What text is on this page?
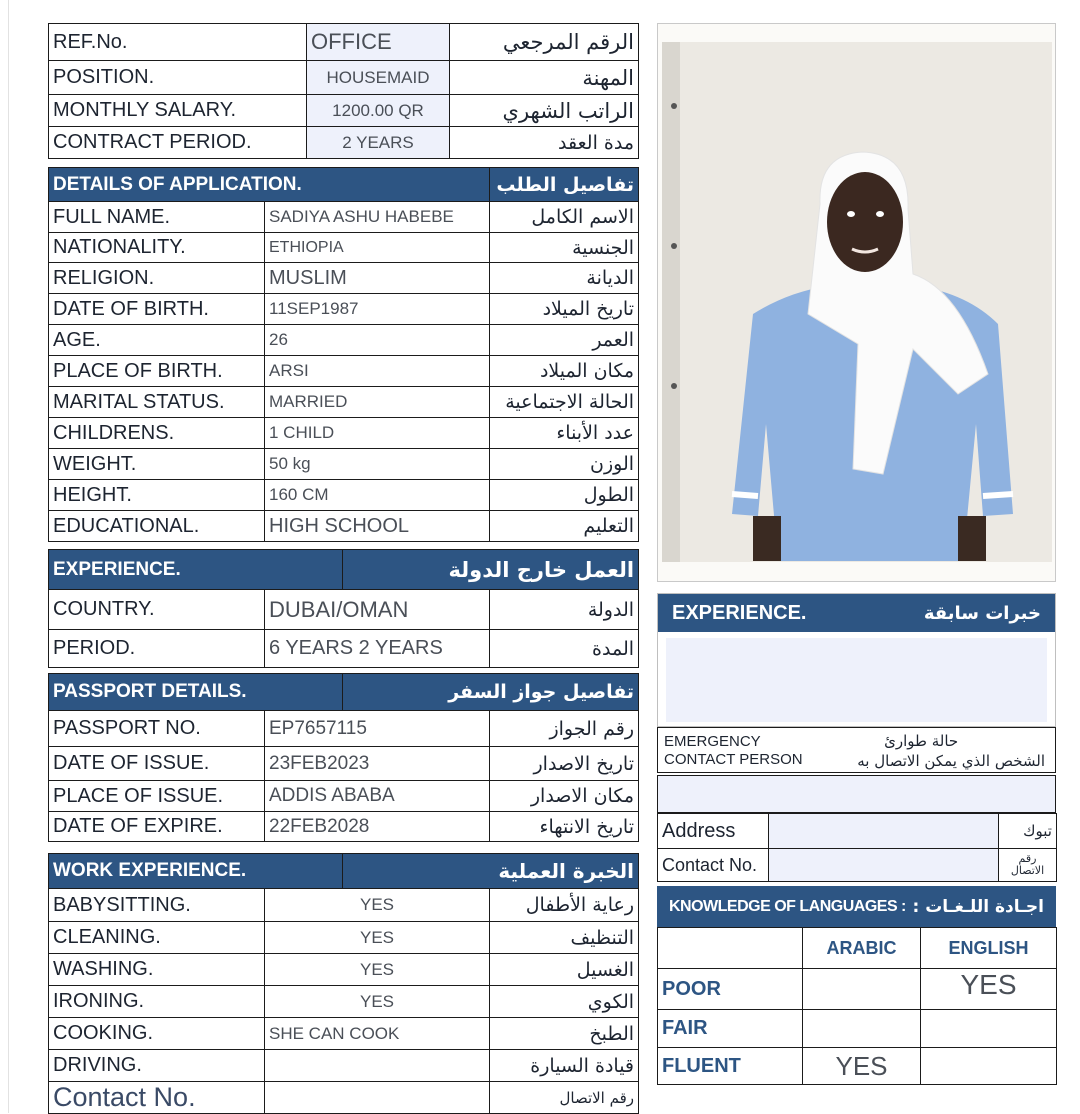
REF.No.	OFFICE	الرقم المرجعي
POSITION.	HOUSEMAID	المهنة
MONTHLY SALARY.	1200.00 QR	الراتب الشهري
CONTRACT PERIOD.	2 YEARS	مدة العقد
DETAILS OF APPLICATION.		تفاصيل الطلب
FULL NAME.	SADIYA ASHU HABEBE	الاسم الكامل
NATIONALITY.	ETHIOPIA	الجنسية
RELIGION.	MUSLIM	الديانة
DATE OF BIRTH.	11SEP1987	تاريخ الميلاد
AGE.	26	العمر
PLACE OF BIRTH.	ARSI	مكان الميلاد
MARITAL STATUS.	MARRIED	الحالة الاجتماعية
CHILDRENS.	1 CHILD	عدد الأبناء
WEIGHT.	50 kg	الوزن
HEIGHT.	160 CM	الطول
EDUCATIONAL.	HIGH SCHOOL	التعليم
EXPERIENCE.		العمل خارج الدولة	
COUNTRY.	DUBAI/OMAN		الدولة
PERIOD.	6 YEARS 2 YEARS		المدة
PASSPORT DETAILS.		تفاصيل جواز السفر	
PASSPORT NO.	EP7657115		رقم الجواز
DATE OF ISSUE.	23FEB2023		تاريخ الاصدار
PLACE OF ISSUE.	ADDIS ABABA		مكان الاصدار
DATE OF EXPIRE.	22FEB2028		تاريخ الانتهاء
WORK EXPERIENCE.		الخبرة العملية	
BABYSITTING.	YES		رعاية الأطفال
CLEANING.	YES		التنظيف
WASHING.	YES		الغسيل
IRONING.	YES		الكوي
COOKING.	SHE CAN COOK		الطبخ
DRIVING.			قيادة السيارة
Contact No.			رقم الاتصال
EXPERIENCE.	خبرات سابقة
EMERGENCY
CONTACT PERSON
حالة طوارئ
الشخص الذي يمكن الاتصال به
Address		تبوك
Contact No.		رقم
الاتصال
KNOWLEDGE OF LANGUAGES : اجـادة اللـغـات :
	ARABIC	ENGLISH
POOR		YES
FAIR		
FLUENT	YES	
